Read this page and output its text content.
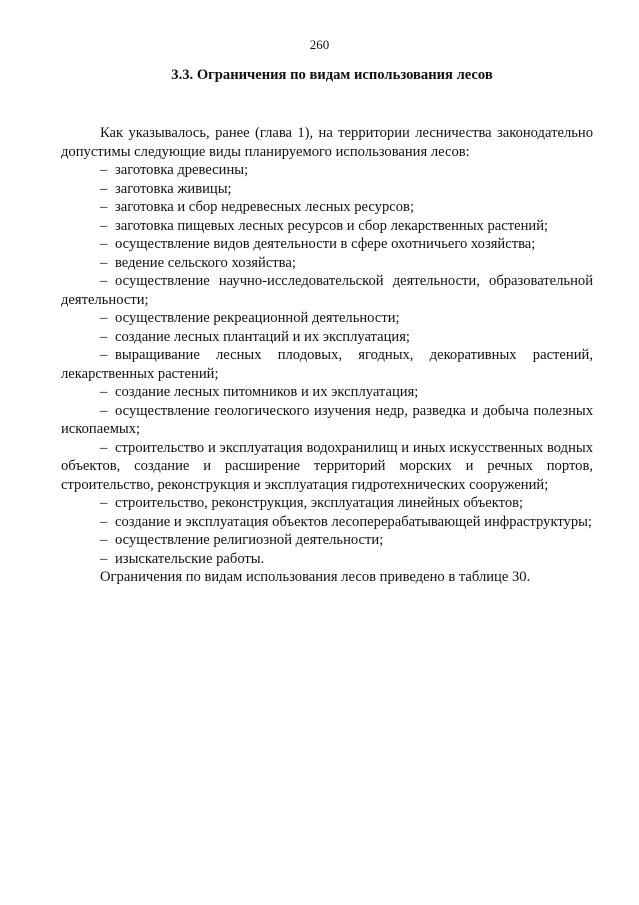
260
3.3. Ограничения по видам использования лесов

Как указывалось, ранее (глава 1), на территории лесничества законодательно допустимы следующие виды планируемого использования лесов:

– заготовка древесины;

– заготовка живицы;

– заготовка и сбор недревесных лесных ресурсов;

– заготовка пищевых лесных ресурсов и сбор лекарственных растений;

– осуществление видов деятельности в сфере охотничьего хозяйства;

– ведение сельского хозяйства;

– осуществление научно-исследовательской деятельности, образовательной деятельности;

– осуществление рекреационной деятельности;

– создание лесных плантаций и их эксплуатация;

– выращивание лесных плодовых, ягодных, декоративных растений, лекарственных растений;

– создание лесных питомников и их эксплуатация;

– осуществление геологического изучения недр, разведка и добыча полезных ископаемых;

– строительство и эксплуатация водохранилищ и иных искусственных водных объектов, создание и расширение территорий морских и речных портов, строительство, реконструкция и эксплуатация гидротехнических сооружений;

– строительство, реконструкция, эксплуатация линейных объектов;

– создание и эксплуатация объектов лесоперерабатывающей инфраструктуры;

– осуществление религиозной деятельности;

– изыскательские работы.

Ограничения по видам использования лесов приведено в таблице 30.
